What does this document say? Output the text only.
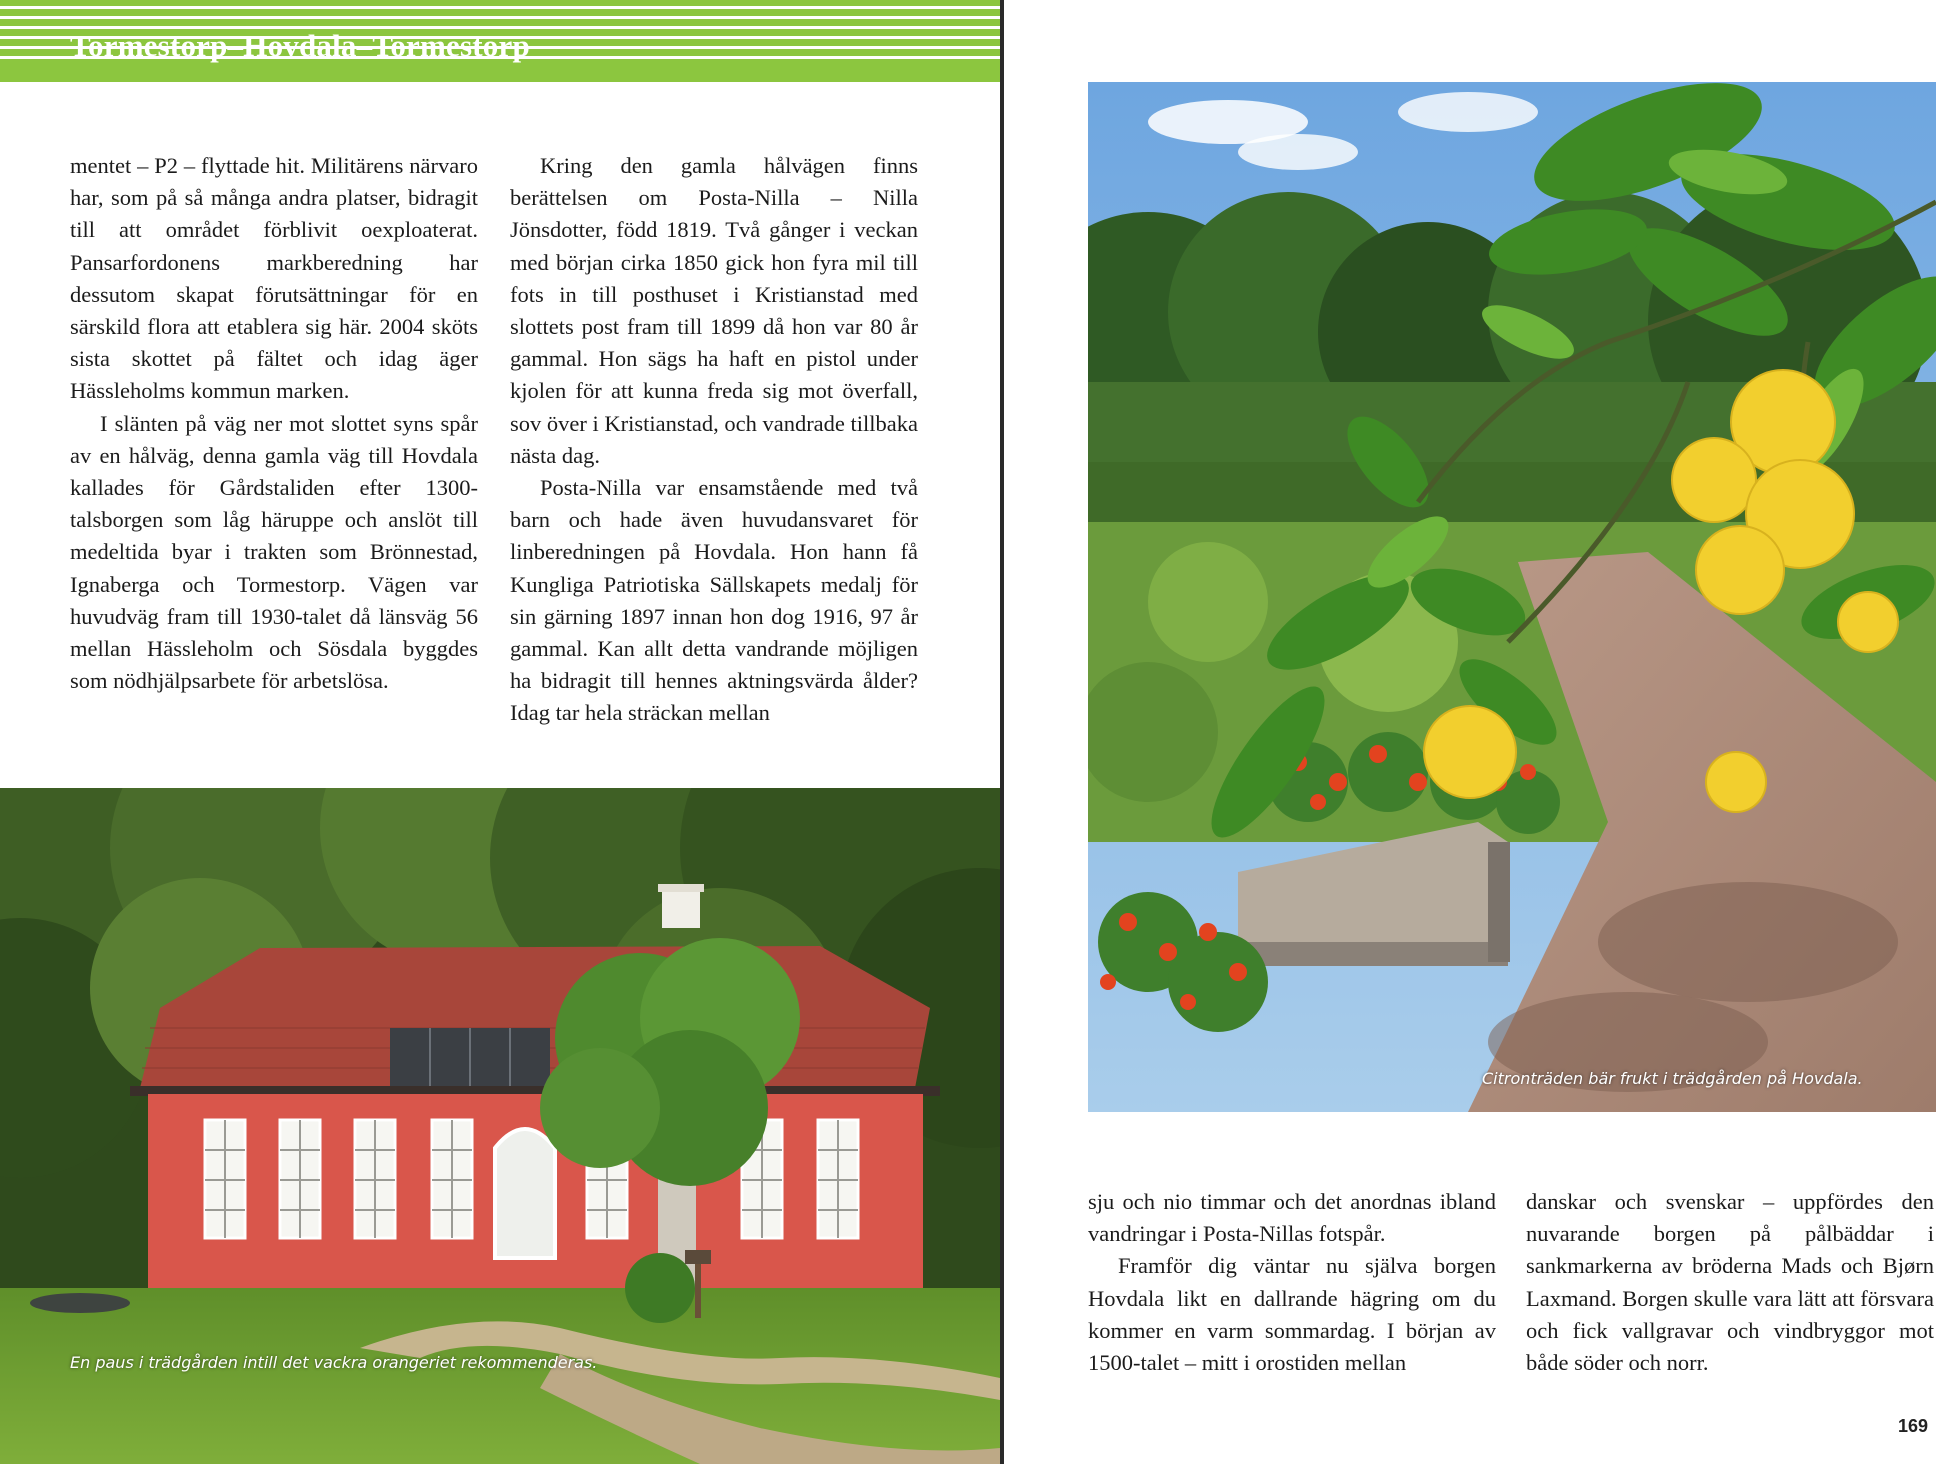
Tormestorp–Hovdala–Tormestorp

mentet – P2 – flyttade hit. Militärens närvaro har, som på så många andra platser, bidragit till att området förblivit oexploaterat. Pansarfordonens markberedning har dessutom skapat förutsättningar för en särskild flora att etablera sig här. 2004 sköts sista skottet på fältet och idag äger Hässleholms kommun marken.

I slänten på väg ner mot slottet syns spår av en hålväg, denna gamla väg till Hovdala kallades för Gårdstaliden efter 1300-talsborgen som låg häruppe och anslöt till medeltida byar i trakten som Brönnestad, Ignaberga och Tormestorp. Vägen var huvudväg fram till 1930-talet då länsväg 56 mellan Hässleholm och Sösdala byggdes som nödhjälpsarbete för arbetslösa.

Kring den gamla hålvägen finns berättelsen om Posta-Nilla – Nilla Jönsdotter, född 1819. Två gånger i veckan med början cirka 1850 gick hon fyra mil till fots in till posthuset i Kristianstad med slottets post fram till 1899 då hon var 80 år gammal. Hon sägs ha haft en pistol under kjolen för att kunna freda sig mot överfall, sov över i Kristianstad, och vandrade tillbaka nästa dag.

Posta-Nilla var ensamstående med två barn och hade även huvudansvaret för linberedningen på Hovdala. Hon hann få Kungliga Patriotiska Sällskapets medalj för sin gärning 1897 innan hon dog 1916, 97 år gammal. Kan allt detta vandrande möjligen ha bidragit till hennes aktningsvärda ålder? Idag tar hela sträckan mellan

En paus i trädgården intill det vackra orangeriet rekommenderas.
Citronträden bär frukt i trädgården på Hovdala.

sju och nio timmar och det anordnas ibland vandringar i Posta-Nillas fotspår.

Framför dig väntar nu själva borgen Hovdala likt en dallrande hägring om du kommer en varm sommardag. I början av 1500-talet – mitt i orostiden mellan

danskar och svenskar – uppfördes den nuvarande borgen på pålbäddar i sankmarkerna av bröderna Mads och Bjørn Laxmand. Borgen skulle vara lätt att försvara och fick vallgravar och vindbryggor mot både söder och norr.

169
